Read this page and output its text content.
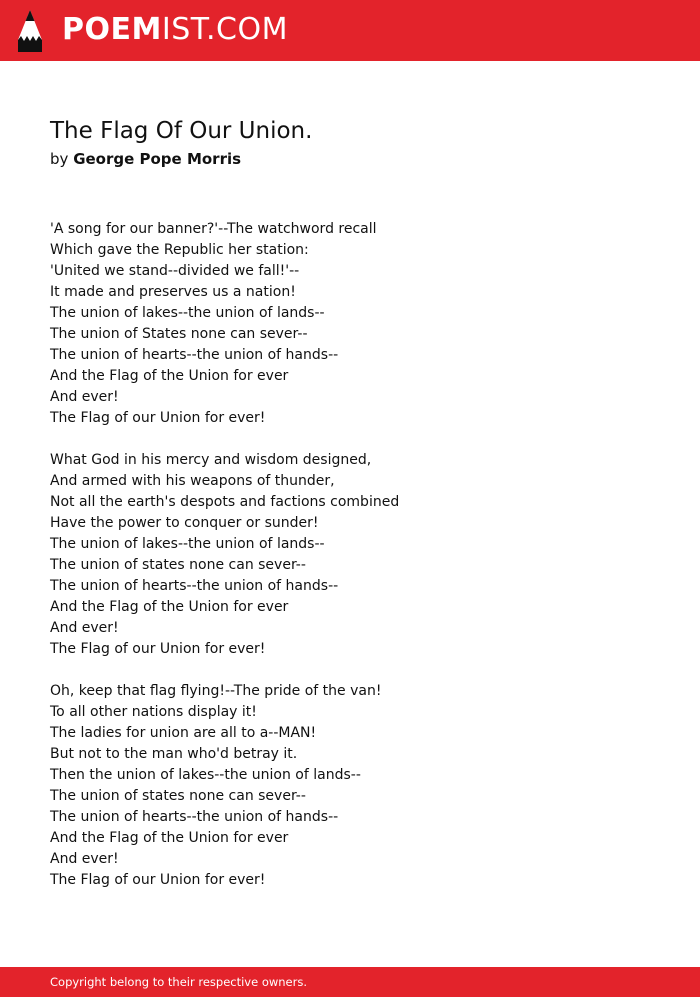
POEMIST.COM
The Flag Of Our Union.
by George Pope Morris
'A song for our banner?'--The watchword recall
Which gave the Republic her station:
'United we stand--divided we fall!'--
It made and preserves us a nation!
The union of lakes--the union of lands--
The union of States none can sever--
The union of hearts--the union of hands--
And the Flag of the Union for ever
And ever!
The Flag of our Union for ever!
What God in his mercy and wisdom designed,
And armed with his weapons of thunder,
Not all the earth's despots and factions combined
Have the power to conquer or sunder!
The union of lakes--the union of lands--
The union of states none can sever--
The union of hearts--the union of hands--
And the Flag of the Union for ever
And ever!
The Flag of our Union for ever!
Oh, keep that flag flying!--The pride of the van!
To all other nations display it!
The ladies for union are all to a--MAN!
But not to the man who'd betray it.
Then the union of lakes--the union of lands--
The union of states none can sever--
The union of hearts--the union of hands--
And the Flag of the Union for ever
And ever!
The Flag of our Union for ever!
Copyright belong to their respective owners.
